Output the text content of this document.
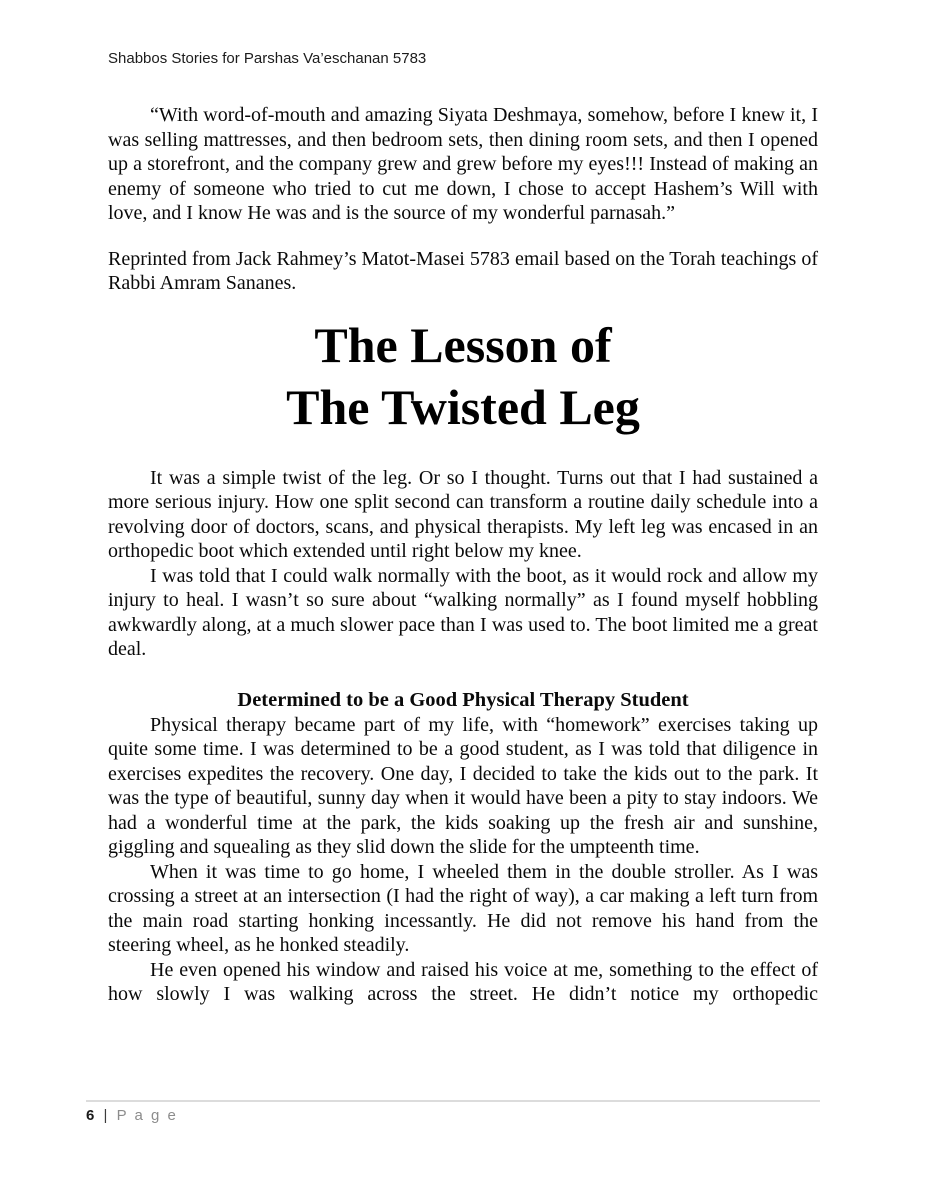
Shabbos Stories for Parshas Va’eschanan 5783

“With word-of-mouth and amazing Siyata Deshmaya, somehow, before I knew it, I was selling mattresses, and then bedroom sets, then dining room sets, and then I opened up a storefront, and the company grew and grew before my eyes!!! Instead of making an enemy of someone who tried to cut me down, I chose to accept Hashem’s Will with love, and I know He was and is the source of my wonderful parnasah.”

Reprinted from Jack Rahmey’s Matot-Masei 5783 email based on the Torah teachings of Rabbi Amram Sananes.

The Lesson of
The Twisted Leg

It was a simple twist of the leg. Or so I thought. Turns out that I had sustained a more serious injury. How one split second can transform a routine daily schedule into a revolving door of doctors, scans, and physical therapists. My left leg was encased in an orthopedic boot which extended until right below my knee.

I was told that I could walk normally with the boot, as it would rock and allow my injury to heal. I wasn’t so sure about “walking normally” as I found myself hobbling awkwardly along, at a much slower pace than I was used to. The boot limited me a great deal.

Determined to be a Good Physical Therapy Student

Physical therapy became part of my life, with “homework” exercises taking up quite some time. I was determined to be a good student, as I was told that diligence in exercises expedites the recovery. One day, I decided to take the kids out to the park. It was the type of beautiful, sunny day when it would have been a pity to stay indoors. We had a wonderful time at the park, the kids soaking up the fresh air and sunshine, giggling and squealing as they slid down the slide for the umpteenth time.

When it was time to go home, I wheeled them in the double stroller. As I was crossing a street at an intersection (I had the right of way), a car making a left turn from the main road starting honking incessantly. He did not remove his hand from the steering wheel, as he honked steadily.

He even opened his window and raised his voice at me, something to the effect of how slowly I was walking across the street. He didn’t notice my orthopedic

6 | P a g e
